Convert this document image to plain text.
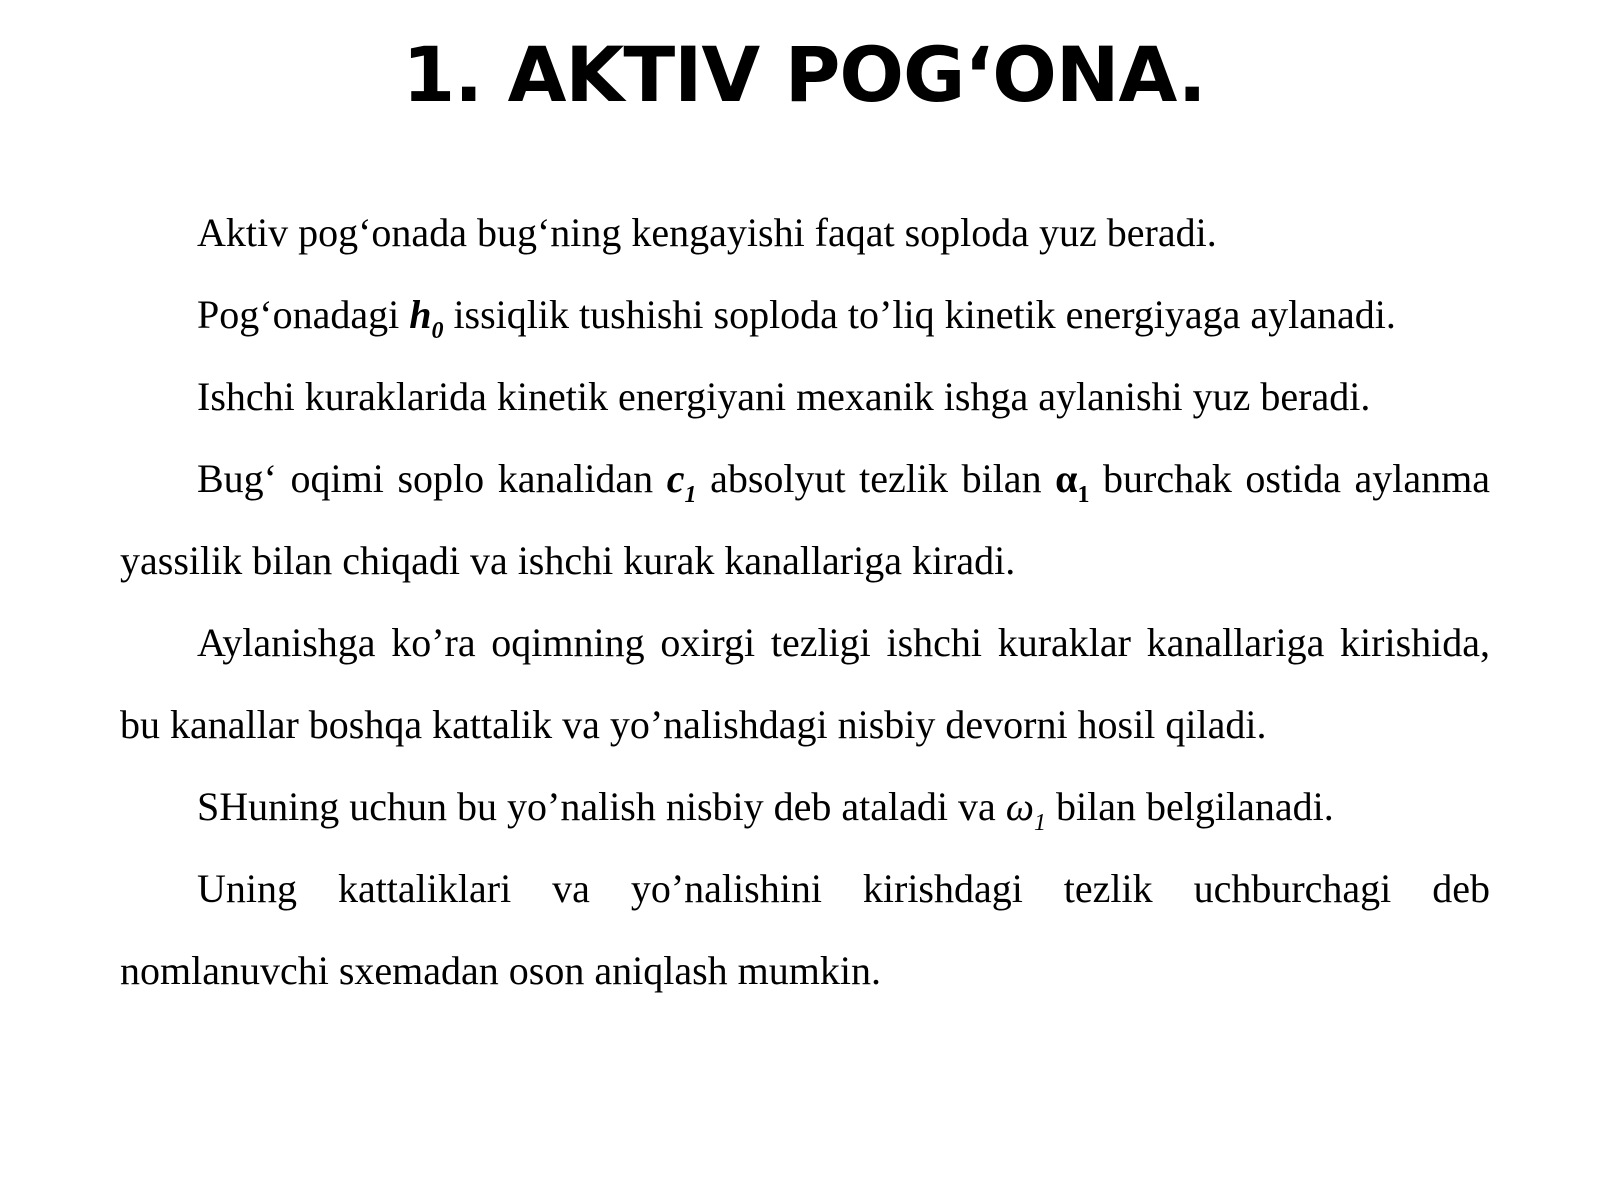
1. AKTIV POG‘ONA.

Aktiv pog‘onada bug‘ning kengayishi faqat soploda yuz beradi.

Pog‘onadagi $h_0$ issiqlik tushishi soploda to’liq kinetik energiyaga aylanadi.

Ishchi kuraklarida kinetik energiyani mexanik ishga aylanishi yuz beradi.

Bug‘ oqimi soplo kanalidan $c_1$ absolyut tezlik bilan $\alpha_1$ burchak ostida aylanma yassilik bilan chiqadi va ishchi kurak kanallariga kiradi.

Aylanishga ko’ra oqimning oxirgi tezligi ishchi kuraklar kanallariga kirishida, bu kanallar boshqa kattalik va yo’nalishdagi nisbiy devorni hosil qiladi.

SHuning uchun bu yo’nalish nisbiy deb ataladi va $\omega_1$ bilan belgilanadi.

Uning kattaliklari va yo’nalishini kirishdagi tezlik uchburchagi deb nomlanuvchi sxemadan oson aniqlash mumkin.
